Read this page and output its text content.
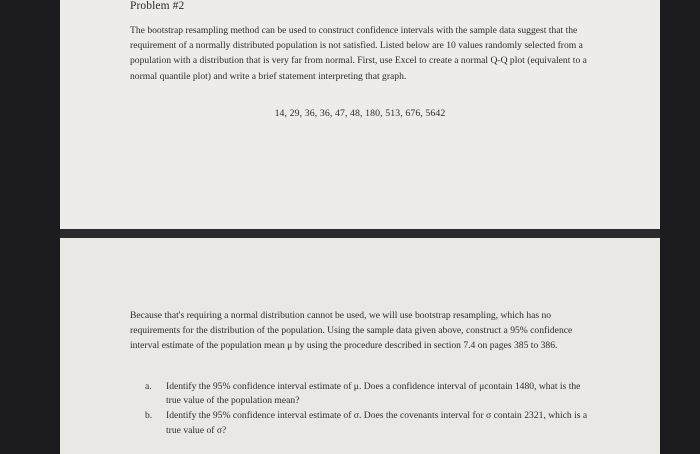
Problem #2
The bootstrap resampling method can be used to construct confidence intervals with the sample data suggest that the requirement of a normally distributed population is not satisfied. Listed below are 10 values randomly selected from a population with a distribution that is very far from normal. First, use Excel to create a normal Q-Q plot (equivalent to a normal quantile plot) and write a brief statement interpreting that graph.
14, 29, 36, 36, 47, 48, 180, 513, 676, 5642
Because that's requiring a normal distribution cannot be used, we will use bootstrap resampling, which has no requirements for the distribution of the population. Using the sample data given above, construct a 95% confidence interval estimate of the population mean μ by using the procedure described in section 7.4 on pages 385 to 386.
a. Identify the 95% confidence interval estimate of μ. Does a confidence interval of μcontain 1480, what is the true value of the population mean?
b. Identify the 95% confidence interval estimate of σ. Does the covenants interval for σ contain 2321, which is a true value of σ?
